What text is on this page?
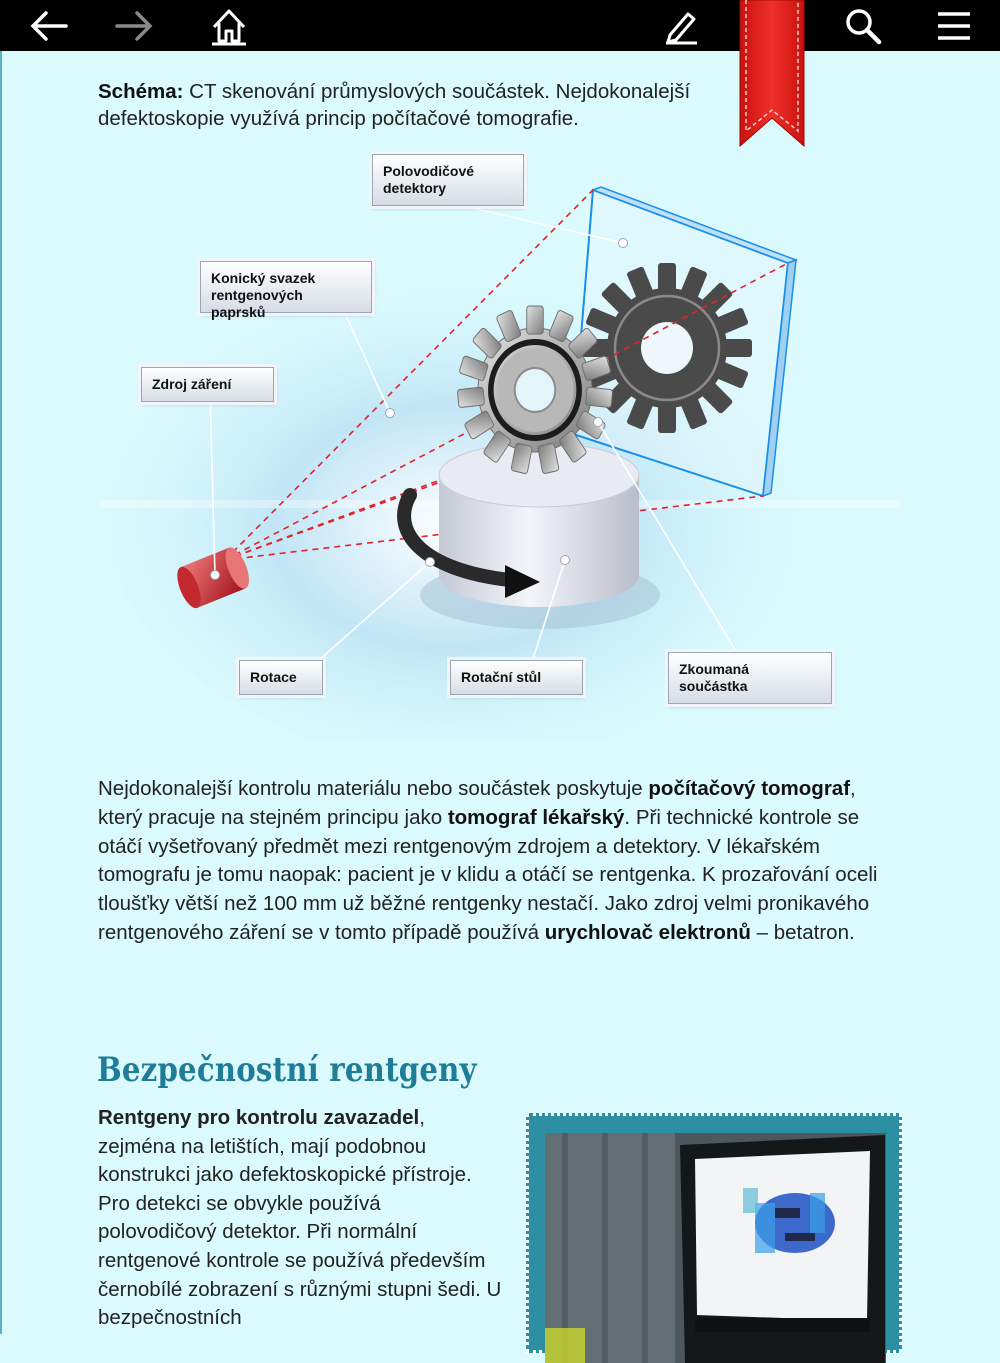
Schéma: CT skenování průmyslových součástek. Nejdokonalejší defektoskopie využívá princip počítačové tomografie.
Polovodičové detektory
Konický svazek rentgenových paprsků
Zdroj záření
Rotace	Rotační stůl	Zkoumaná součástka
Nejdokonalejší kontrolu materiálu nebo součástek poskytuje počítačový tomograf, který pracuje na stejném principu jako tomograf lékařský. Při technické kontrole se otáčí vyšetřovaný předmět mezi rentgenovým zdrojem a detektory. V lékařském tomografu je tomu naopak: pacient je v klidu a otáčí se rentgenka. K prozařování oceli tloušťky větší než 100 mm už běžné rentgenky nestačí. Jako zdroj velmi pronikavého rentgenového záření se v tomto případě používá urychlovač elektronů – betatron.
Bezpečnostní rentgeny
Rentgeny pro kontrolu zavazadel, zejména na letištích, mají podobnou konstrukci jako defektoskopické přístroje. Pro detekci se obvykle používá polovodičový detektor. Při normální rentgenové kontrole se používá především černobílé zobrazení s různými stupni šedi. U bezpečnostních
